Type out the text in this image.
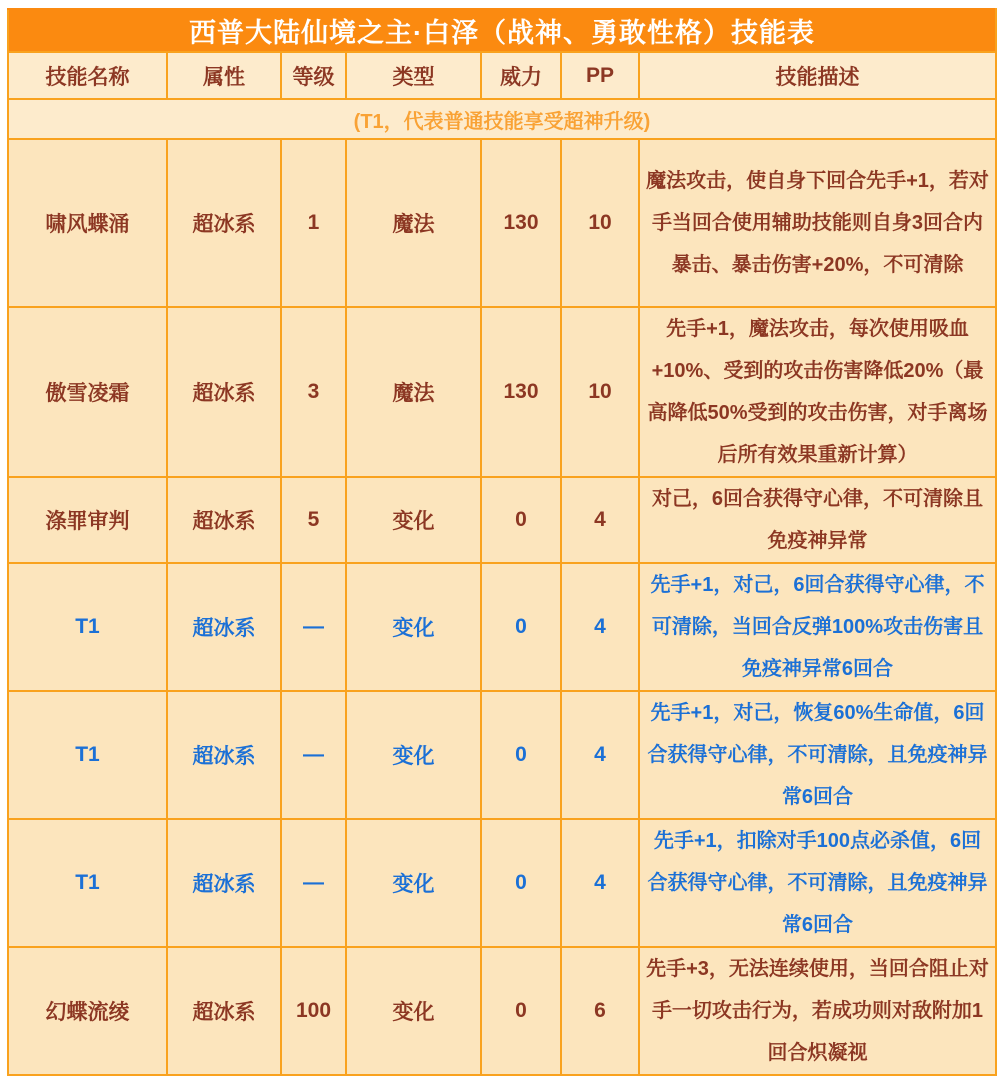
西普大陆仙境之主·白泽（战神、勇敢性格）技能表						
技能名称	属性	等级	类型	威力	PP	技能描述
(T1，代表普通技能享受超神升级)						
啸风蝶涌	超冰系	1	魔法	130	10	魔法攻击，使自身下回合先手+1，若对手当回合使用辅助技能则自身3回合内暴击、暴击伤害+20%，不可清除
傲雪凌霜	超冰系	3	魔法	130	10	先手+1，魔法攻击，每次使用吸血+10%、受到的攻击伤害降低20%（最高降低50%受到的攻击伤害，对手离场后所有效果重新计算）
涤罪审判	超冰系	5	变化	0	4	对己，6回合获得守心律，不可清除且免疫神异常
T1	超冰系	—	变化	0	4	先手+1，对己，6回合获得守心律，不可清除，当回合反弹100%攻击伤害且免疫神异常6回合
T1	超冰系	—	变化	0	4	先手+1，对己，恢复60%生命值，6回合获得守心律，不可清除，且免疫神异常6回合
T1	超冰系	—	变化	0	4	先手+1，扣除对手100点必杀值，6回合获得守心律，不可清除，且免疫神异常6回合
幻蝶流绫	超冰系	100	变化	0	6	先手+3，无法连续使用，当回合阻止对手一切攻击行为，若成功则对敌附加1回合炽凝视
